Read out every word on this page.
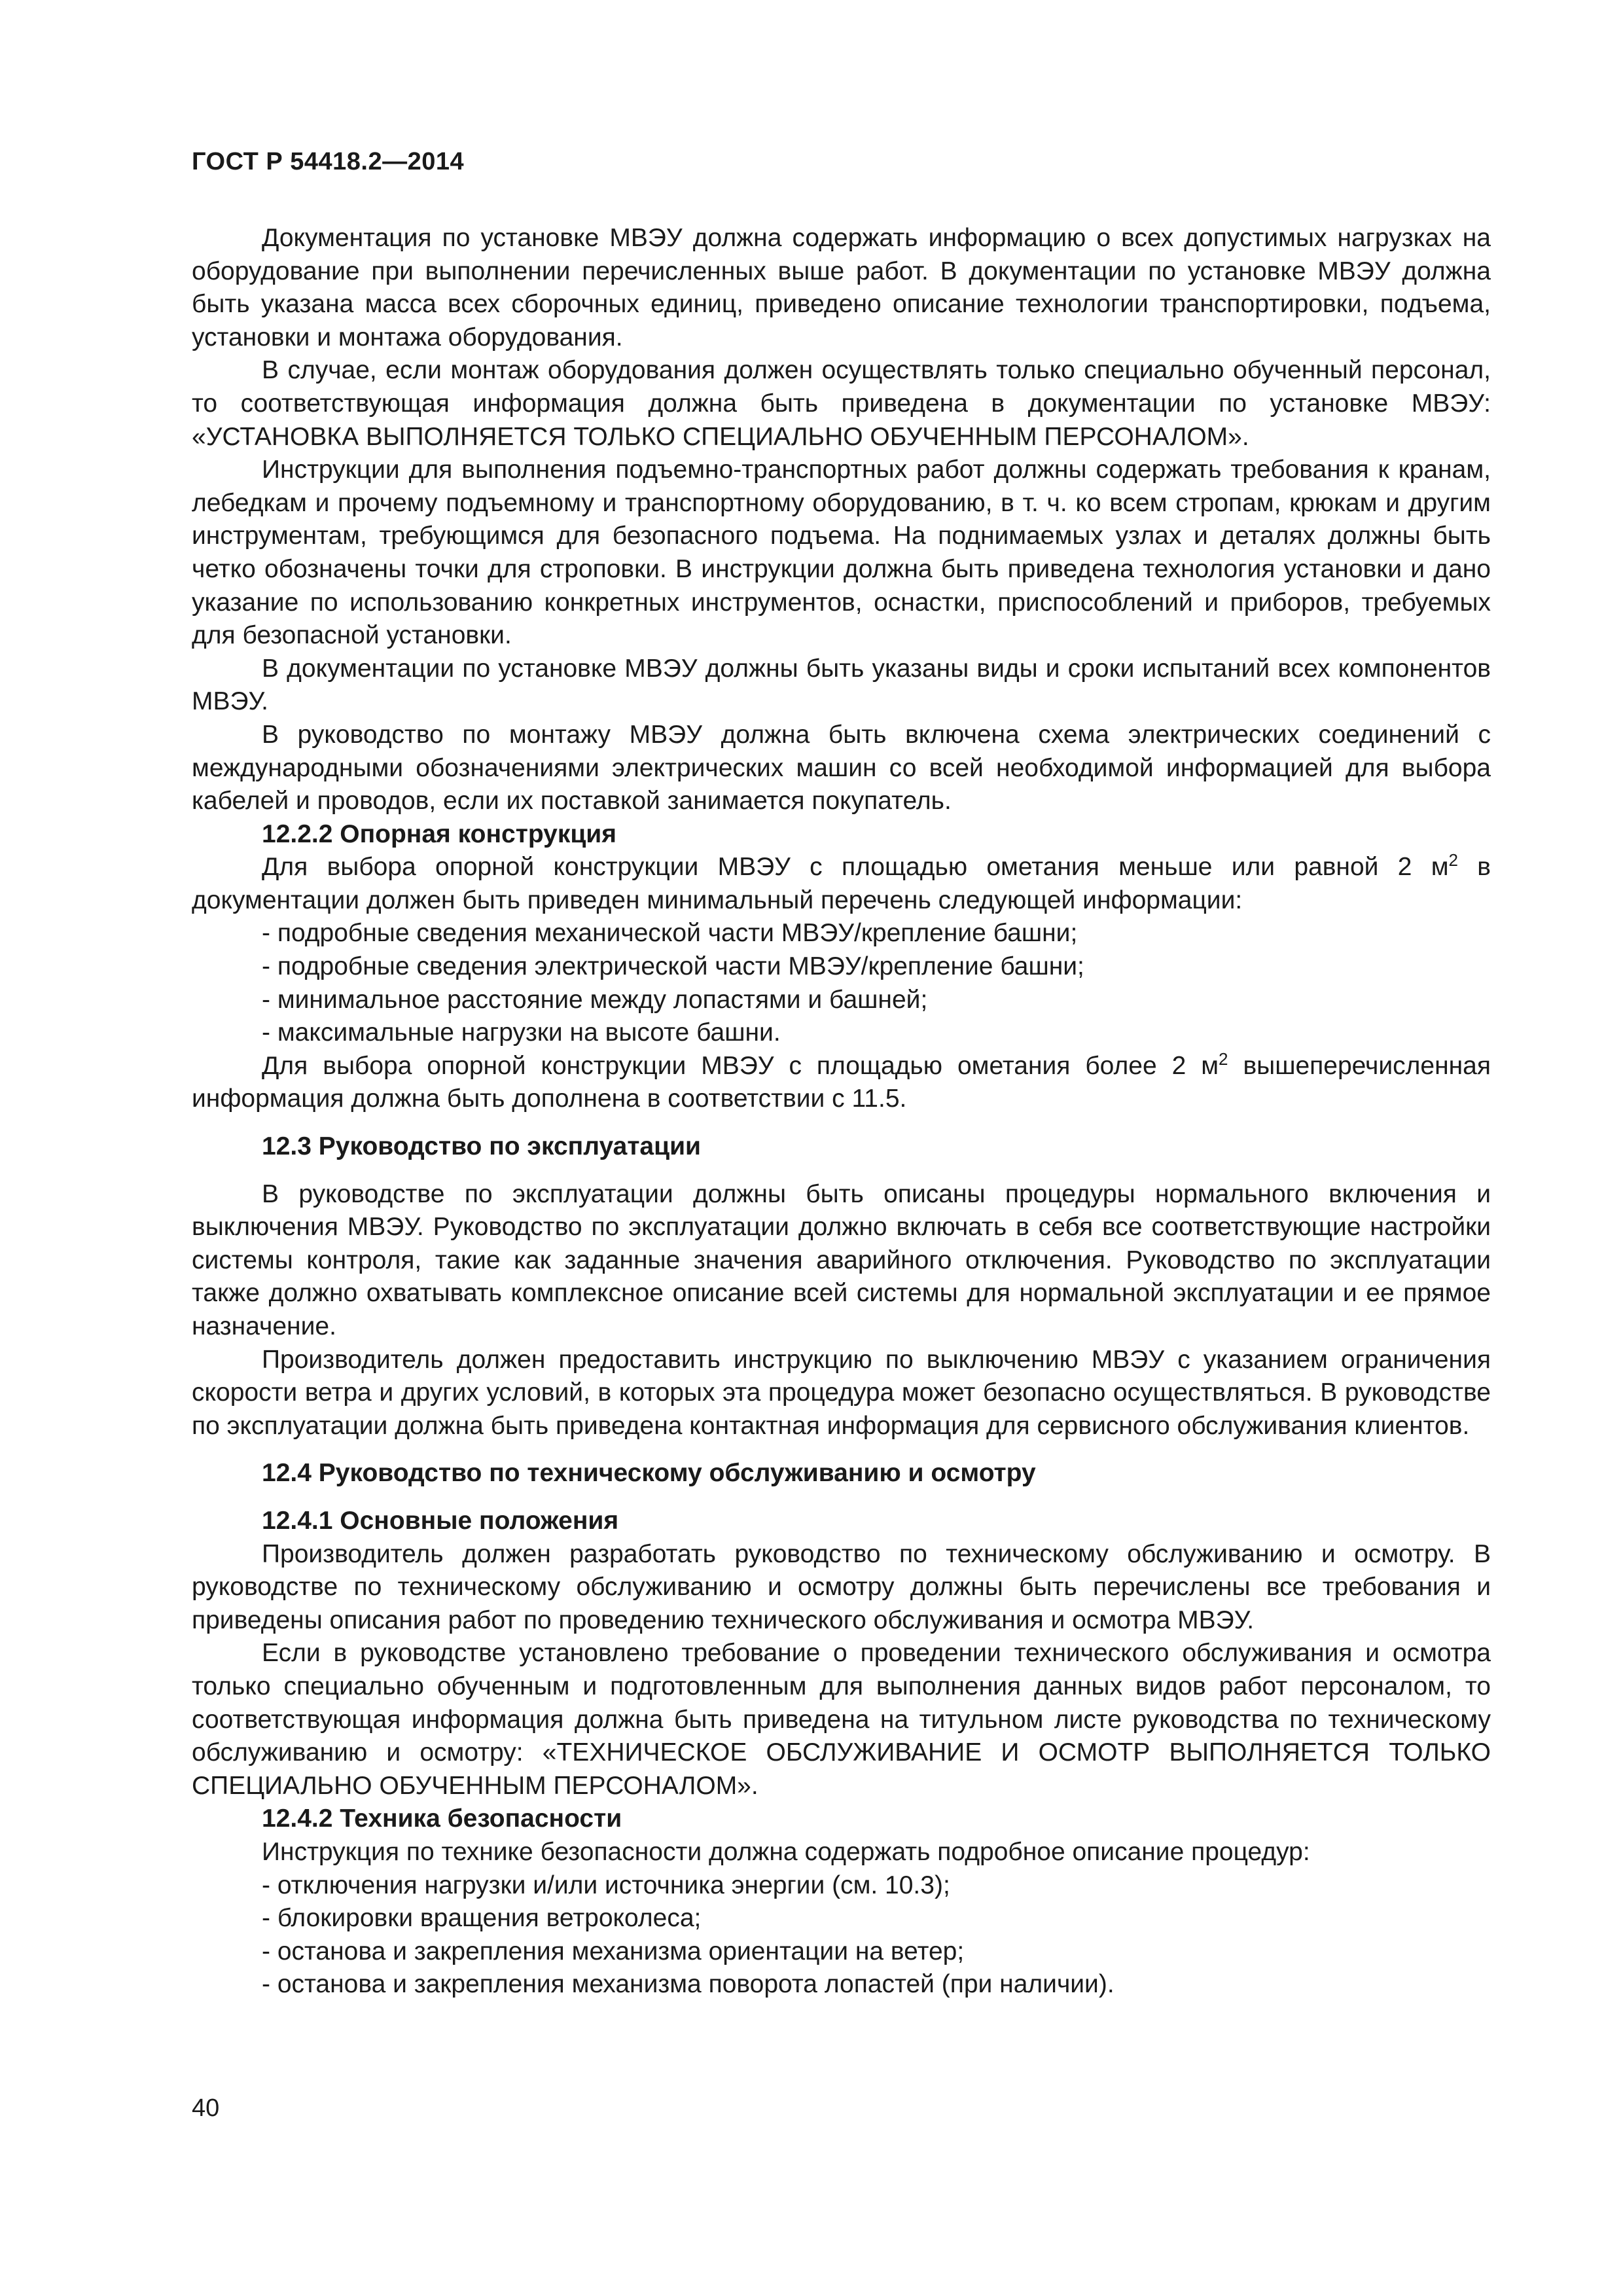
ГОСТ Р 54418.2—2014

Документация по установке МВЭУ должна содержать информацию о всех допустимых нагрузках на оборудование при выполнении перечисленных выше работ. В документации по установке МВЭУ должна быть указана масса всех сборочных единиц, приведено описание технологии транспортировки, подъема, установки и монтажа оборудования.

В случае, если монтаж оборудования должен осуществлять только специально обученный персонал, то соответствующая информация должна быть приведена в документации по установке МВЭУ: «УСТАНОВКА ВЫПОЛНЯЕТСЯ ТОЛЬКО СПЕЦИАЛЬНО ОБУЧЕННЫМ ПЕРСОНАЛОМ».

Инструкции для выполнения подъемно-транспортных работ должны содержать требования к кранам, лебедкам и прочему подъемному и транспортному оборудованию, в т. ч. ко всем стропам, крюкам и другим инструментам, требующимся для безопасного подъема. На поднимаемых узлах и деталях должны быть четко обозначены точки для строповки. В инструкции должна быть приведена технология установки и дано указание по использованию конкретных инструментов, оснастки, приспособлений и приборов, требуемых для безопасной установки.

В документации по установке МВЭУ должны быть указаны виды и сроки испытаний всех компонентов МВЭУ.

В руководство по монтажу МВЭУ должна быть включена схема электрических соединений с международными обозначениями электрических машин со всей необходимой информацией для выбора кабелей и проводов, если их поставкой занимается покупатель.

12.2.2 Опорная конструкция

Для выбора опорной конструкции МВЭУ с площадью ометания меньше или равной 2 $м^2$ в документации должен быть приведен минимальный перечень следующей информации:

- подробные сведения механической части МВЭУ/крепление башни;

- подробные сведения электрической части МВЭУ/крепление башни;

- минимальное расстояние между лопастями и башней;

- максимальные нагрузки на высоте башни.

Для выбора опорной конструкции МВЭУ с площадью ометания более 2 $м^2$ вышеперечисленная информация должна быть дополнена в соответствии с 11.5.

12.3 Руководство по эксплуатации

В руководстве по эксплуатации должны быть описаны процедуры нормального включения и выключения МВЭУ. Руководство по эксплуатации должно включать в себя все соответствующие настройки системы контроля, такие как заданные значения аварийного отключения. Руководство по эксплуатации также должно охватывать комплексное описание всей системы для нормальной эксплуатации и ее прямое назначение.

Производитель должен предоставить инструкцию по выключению МВЭУ с указанием ограничения скорости ветра и других условий, в которых эта процедура может безопасно осуществляться. В руководстве по эксплуатации должна быть приведена контактная информация для сервисного обслуживания клиентов.

12.4 Руководство по техническому обслуживанию и осмотру

12.4.1 Основные положения

Производитель должен разработать руководство по техническому обслуживанию и осмотру. В руководстве по техническому обслуживанию и осмотру должны быть перечислены все требования и приведены описания работ по проведению технического обслуживания и осмотра МВЭУ.

Если в руководстве установлено требование о проведении технического обслуживания и осмотра только специально обученным и подготовленным для выполнения данных видов работ персоналом, то соответствующая информация должна быть приведена на титульном листе руководства по техническому обслуживанию и осмотру: «ТЕХНИЧЕСКОЕ ОБСЛУЖИВАНИЕ И ОСМОТР ВЫПОЛНЯЕТСЯ ТОЛЬКО СПЕЦИАЛЬНО ОБУЧЕННЫМ ПЕРСОНАЛОМ».

12.4.2 Техника безопасности

Инструкция по технике безопасности должна содержать подробное описание процедур:

- отключения нагрузки и/или источника энергии (см. 10.3);

- блокировки вращения ветроколеса;

- останова и закрепления механизма ориентации на ветер;

- останова и закрепления механизма поворота лопастей (при наличии).

40
